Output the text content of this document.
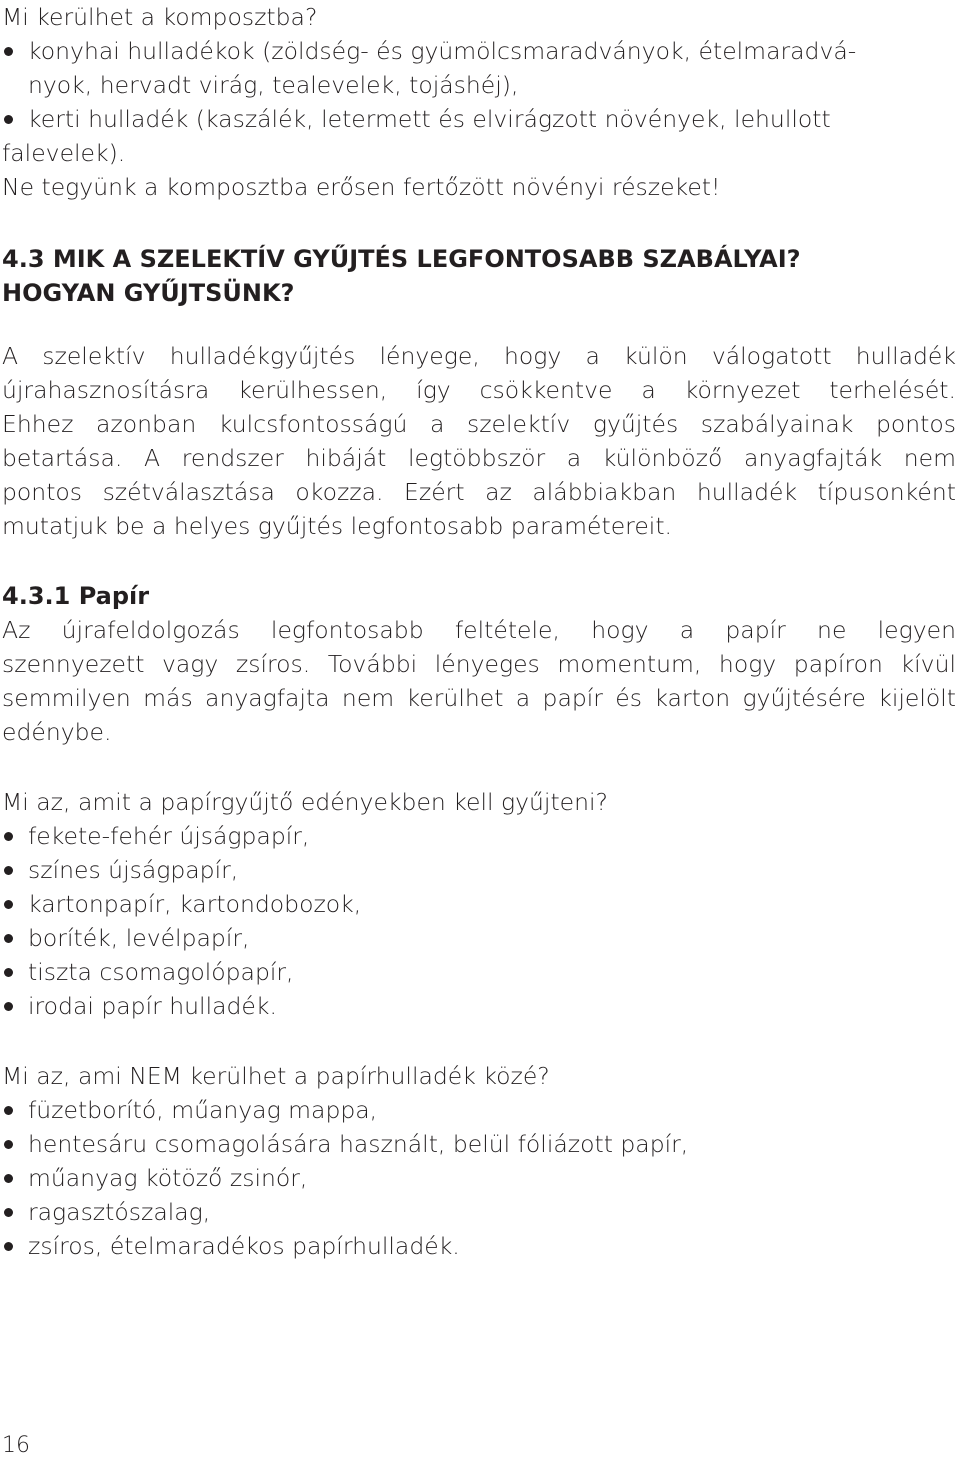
Mi kerülhet a komposztba?

konyhai hulladékok (zöldség- és gyümölcsmaradványok, ételmaradvá-
nyok, hervadt virág, tealevelek, tojáshéj),
kerti hulladék (kaszálék, letermett és elvirágzott növények, lehullott

falevelek).

Ne tegyünk a komposztba erősen fertőzött növényi részeket!

4.3 MIK A SZELEKTÍV GYŰJTÉS LEGFONTOSABB SZABÁLYAI?

HOGYAN GYŰJTSÜNK?

A szelektív hulladékgyűjtés lényege, hogy a külön válogatott hulladék

újrahasznosításra kerülhessen, így csökkentve a környezet terhelését.

Ehhez azonban kulcsfontosságú a szelektív gyűjtés szabályainak pontos

betartása. A rendszer hibáját legtöbbször a különböző anyagfajták nem

pontos szétválasztása okozza. Ezért az alábbiakban hulladék típusonként

mutatjuk be a helyes gyűjtés legfontosabb paramétereit.

4.3.1 Papír

Az újrafeldolgozás legfontosabb feltétele, hogy a papír ne legyen

szennyezett vagy zsíros. További lényeges momentum, hogy papíron kívül

semmilyen más anyagfajta nem kerülhet a papír és karton gyűjtésére kijelölt

edénybe.

Mi az, amit a papírgyűjtő edényekben kell gyűjteni?

fekete-fehér újságpapír,
színes újságpapír,
kartonpapír, kartondobozok,
boríték, levélpapír,
tiszta csomagolópapír,
irodai papír hulladék.

Mi az, ami NEM kerülhet a papírhulladék közé?

füzetborító, műanyag mappa,
hentesáru csomagolására használt, belül fóliázott papír,
műanyag kötöző zsinór,
ragasztószalag,
zsíros, ételmaradékos papírhulladék.
16
